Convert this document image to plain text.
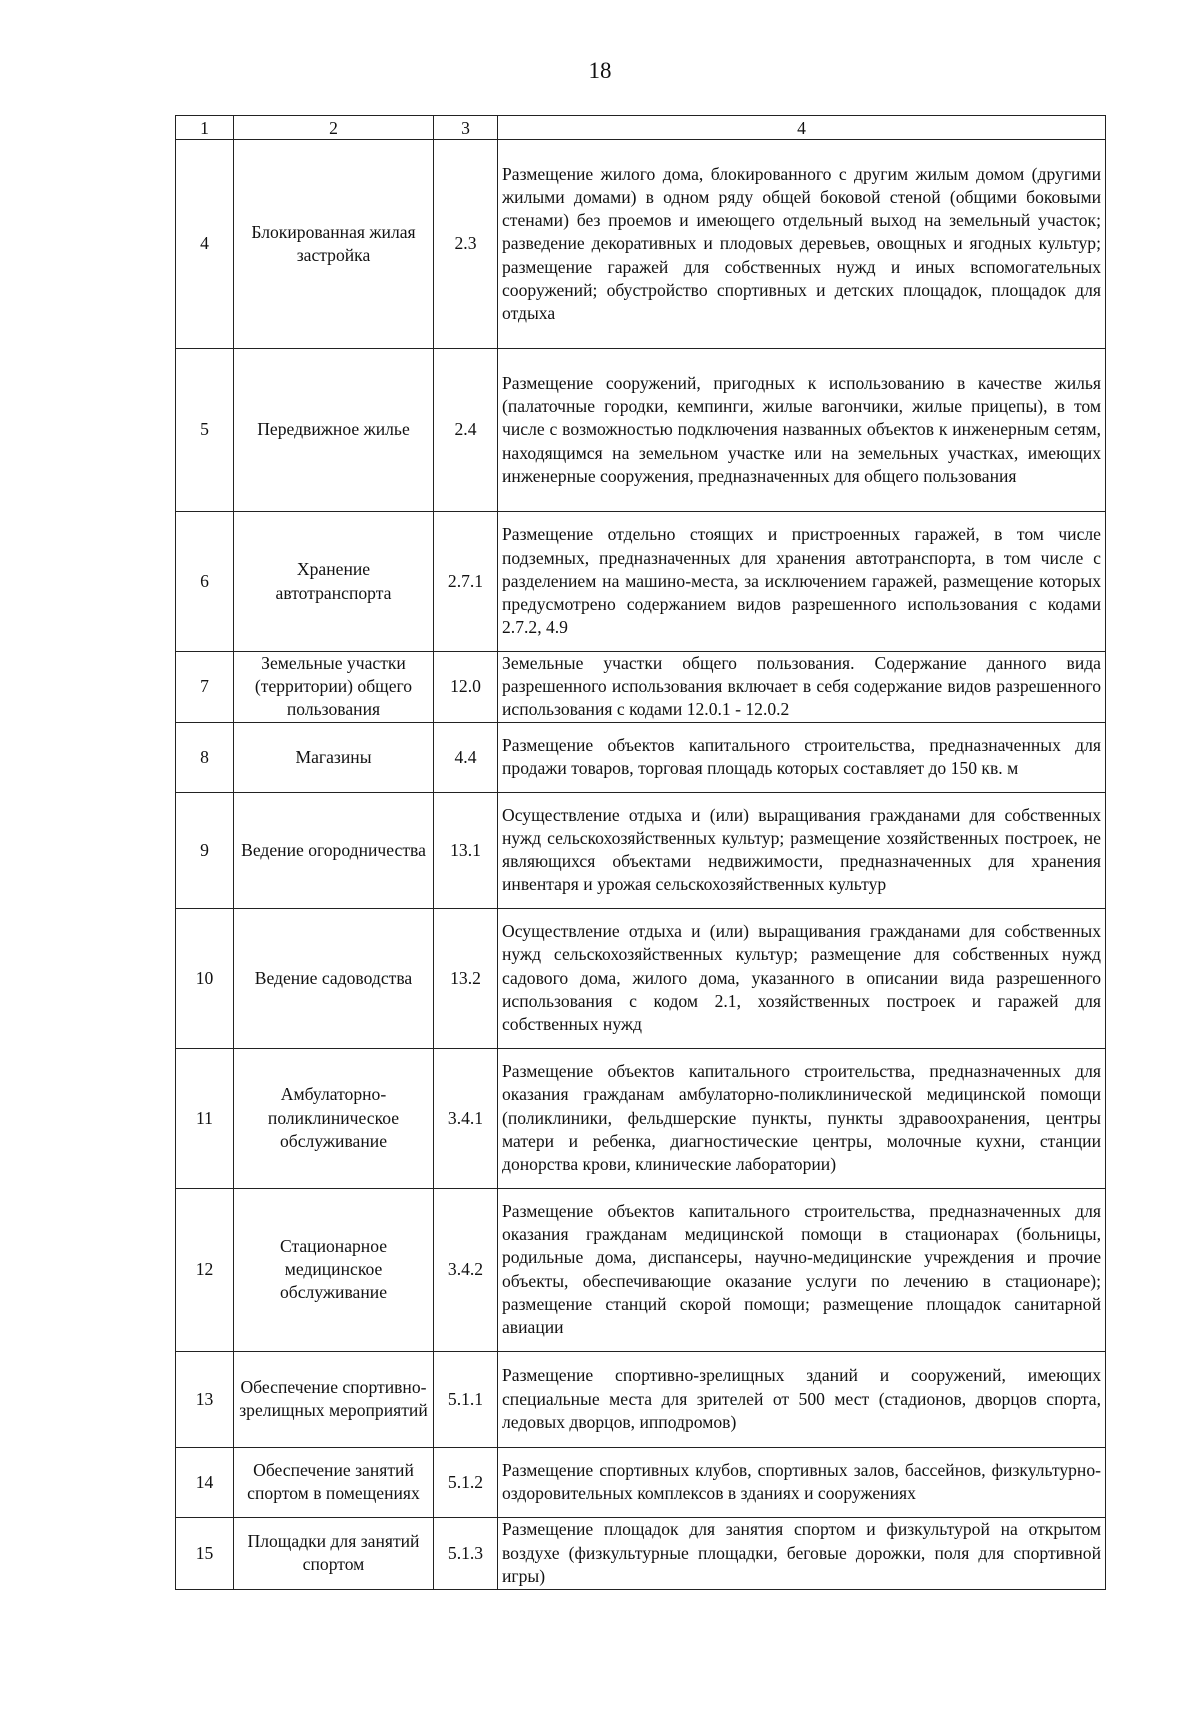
18
1	2	3	4
4	Блокированная жилая застройка	2.3	Размещение жилого дома, блокированного с другим жилым домом (другими жилыми домами) в одном ряду общей боковой стеной (общими боковыми стенами) без проемов и имеющего отдельный выход на земельный участок; разведение декоративных и плодовых деревьев, овощных и ягодных культур; размещение гаражей для собственных нужд и иных вспомогательных сооружений; обустройство спортивных и детских площадок, площадок для отдыха
5	Передвижное жилье	2.4	Размещение сооружений, пригодных к использованию в качестве жилья (палаточные городки, кемпинги, жилые вагончики, жилые прицепы), в том числе с возможностью подключения названных объектов к инженерным сетям, находящимся на земельном участке или на земельных участках, имеющих инженерные сооружения, предназначенных для общего пользования
6	Хранение автотранспорта	2.7.1	Размещение отдельно стоящих и пристроенных гаражей, в том числе подземных, предназначенных для хранения автотранспорта, в том числе с разделением на машино-места, за исключением гаражей, размещение которых предусмотрено содержанием видов разрешенного использования с кодами 2.7.2, 4.9
7	Земельные участки (территории) общего пользования	12.0	Земельные участки общего пользования. Содержание данного вида разрешенного использования включает в себя содержание видов разрешенного использования с кодами 12.0.1 - 12.0.2
8	Магазины	4.4	Размещение объектов капитального строительства, предназначенных для продажи товаров, торговая площадь которых составляет до 150 кв. м
9	Ведение огородничества	13.1	Осуществление отдыха и (или) выращивания гражданами для собственных нужд сельскохозяйственных культур; размещение хозяйственных построек, не являющихся объектами недвижимости, предназначенных для хранения инвентаря и урожая сельскохозяйственных культур
10	Ведение садоводства	13.2	Осуществление отдыха и (или) выращивания гражданами для собственных нужд сельскохозяйственных культур; размещение для собственных нужд садового дома, жилого дома, указанного в описании вида разрешенного использования с кодом 2.1, хозяйственных построек и гаражей для собственных нужд
11	Амбулаторно-поликлиническое обслуживание	3.4.1	Размещение объектов капитального строительства, предназначенных для оказания гражданам амбулаторно-поликлинической медицинской помощи (поликлиники, фельдшерские пункты, пункты здравоохранения, центры матери и ребенка, диагностические центры, молочные кухни, станции донорства крови, клинические лаборатории)
12	Стационарное медицинское обслуживание	3.4.2	Размещение объектов капитального строительства, предназначенных для оказания гражданам медицинской помощи в стационарах (больницы, родильные дома, диспансеры, научно-медицинские учреждения и прочие объекты, обеспечивающие оказание услуги по лечению в стационаре); размещение станций скорой помощи; размещение площадок санитарной авиации
13	Обеспечение спортивно-зрелищных мероприятий	5.1.1	Размещение спортивно-зрелищных зданий и сооружений, имеющих специальные места для зрителей от 500 мест (стадионов, дворцов спорта, ледовых дворцов, ипподромов)
14	Обеспечение занятий спортом в помещениях	5.1.2	Размещение спортивных клубов, спортивных залов, бассейнов, физкультурно-оздоровительных комплексов в зданиях и сооружениях
15	Площадки для занятий спортом	5.1.3	Размещение площадок для занятия спортом и физкультурой на открытом воздухе (физкультурные площадки, беговые дорожки, поля для спортивной игры)
